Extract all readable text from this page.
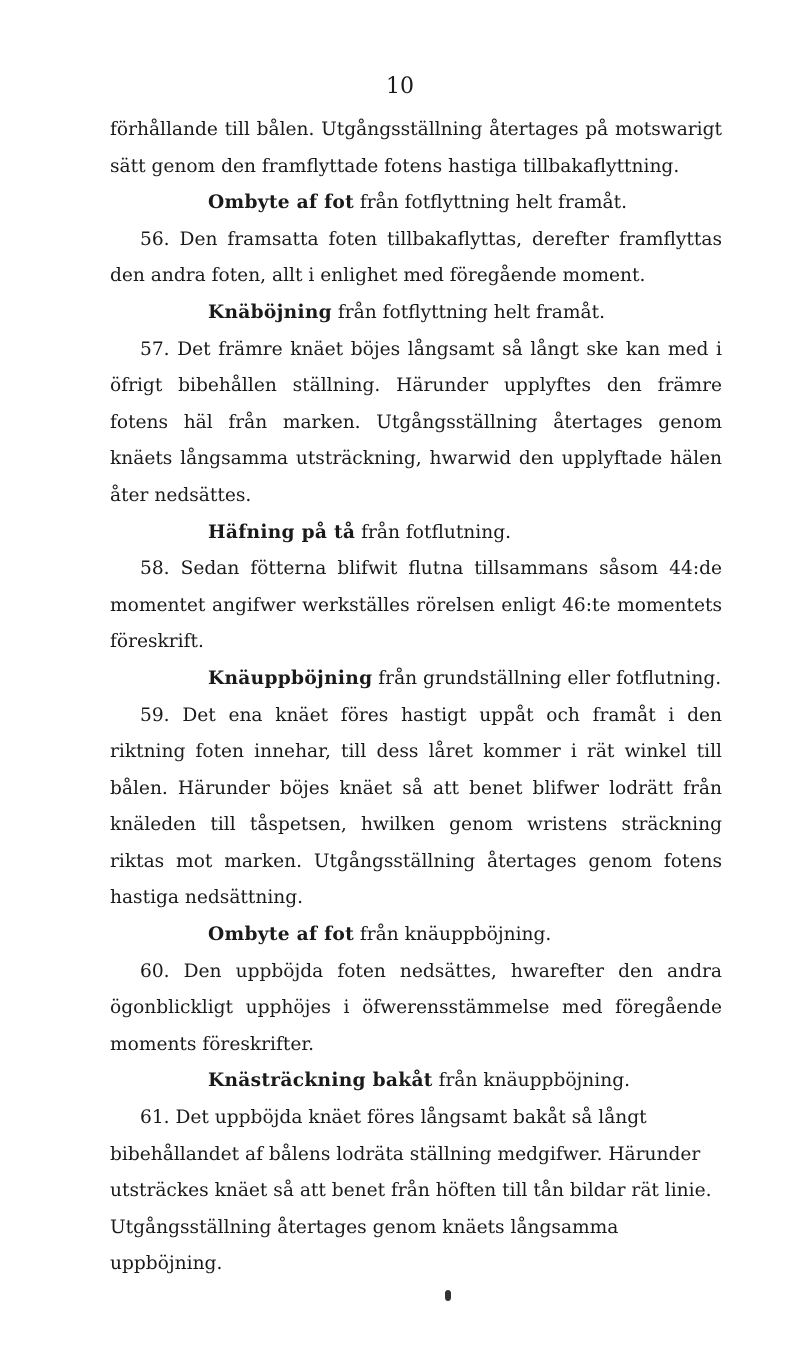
10

förhållande till bålen. Utgångsställning återtages på motswarigt sätt genom den framflyttade fotens hastiga tillbakaflyttning.

Ombyte af fot från fotflyttning helt framåt.

56. Den framsatta foten tillbakaflyttas, derefter framflyttas den andra foten, allt i enlighet med föregående moment.

Knäböjning från fotflyttning helt framåt.

57. Det främre knäet böjes långsamt så långt ske kan med i öfrigt bibehållen ställning. Härunder upplyftes den främre fotens häl från marken. Utgångsställning återtages genom knäets långsamma utsträckning, hwarwid den upplyftade hälen åter nedsättes.

Häfning på tå från fotflutning.

58. Sedan fötterna blifwit flutna tillsammans såsom 44:de momentet angifwer werkställes rörelsen enligt 46:te momentets föreskrift.

Knäuppböjning från grundställning eller fotflutning.

59. Det ena knäet föres hastigt uppåt och framåt i den riktning foten innehar, till dess låret kommer i rät winkel till bålen. Härunder böjes knäet så att benet blifwer lodrätt från knäleden till tåspetsen, hwilken genom wristens sträckning riktas mot marken. Utgångsställning återtages genom fotens hastiga nedsättning.

Ombyte af fot från knäuppböjning.

60. Den uppböjda foten nedsättes, hwarefter den andra ögonblickligt upphöjes i öfwerensstämmelse med föregående moments föreskrifter.

Knästräckning bakåt från knäuppböjning.

61. Det uppböjda knäet föres långsamt bakåt så långt bibehållandet af bålens lodräta ställning medgifwer. Härunder utsträckes knäet så att benet från höften till tån bildar rät linie. Utgångsställning återtages genom knäets långsamma uppböjning.
